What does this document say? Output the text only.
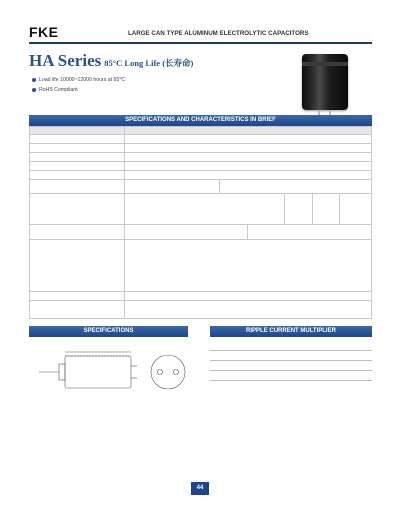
FKE	LARGE CAN TYPE ALUMINUM ELECTROLYTIC CAPACITORS
HA Series 85°C Long Life (长寿命)
Load life 10000~12000 hours at 85°C
RoHS Compliant
SPECIFICATIONS AND CHARACTERISTICS IN BRIEF
SPECIFICATIONS	RIPPLE CURRENT MULTIPLIER
44
